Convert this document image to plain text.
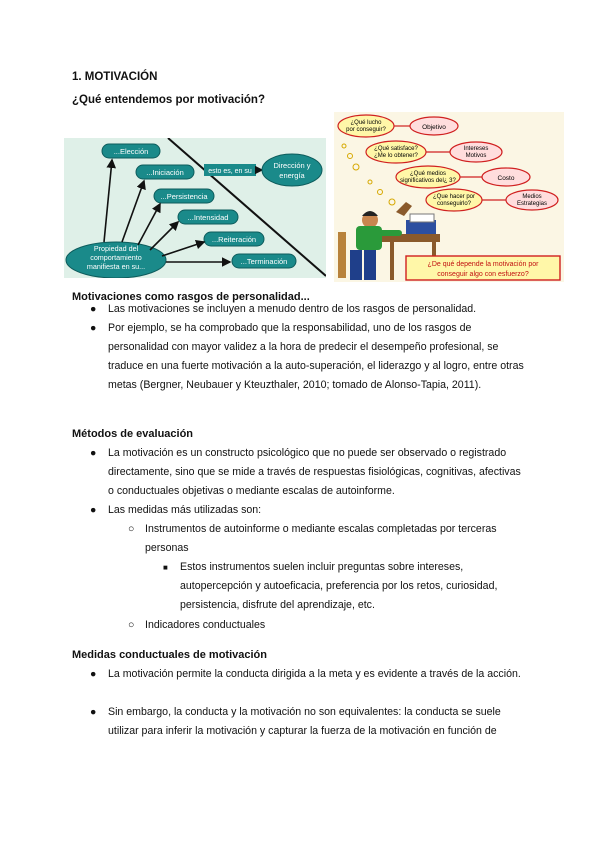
1. MOTIVACIÓN
¿Qué entendemos por motivación?
...Elección
...Iniciación
...Persistencia
...Intensidad
...Reiteración
...Terminación
Propiedad del
comportamiento
manifiesta en su...
esto es, en su
Dirección y
energía
¿Qué lucho
por conseguir?	Objetivo
¿Qué satisface?
¿Me lo obtener?
Intereses
Motivos
¿Qué medios
significativos del¿ 3?	Costo
¿Que hacer por
conseguirlo?
Medios
Estrategias
¿De qué depende la motivación por
conseguir algo con esfuerzo?
Motivaciones como rasgos de personalidad...
● Las motivaciones se incluyen a menudo dentro de los rasgos de personalidad.
● Por ejemplo, se ha comprobado que la responsabilidad, uno de los rasgos de personalidad con mayor validez a la hora de predecir el desempeño profesional, se traduce en una fuerte motivación a la auto-superación, el liderazgo y al logro, entre otras metas (Bergner, Neubauer y Kteuzthaler, 2010; tomado de Alonso-Tapia, 2011).
Métodos de evaluación
● La motivación es un constructo psicológico que no puede ser observado o registrado directamente, sino que se mide a través de respuestas fisiológicas, cognitivas, afectivas o conductuales objetivas o mediante escalas de autoinforme.
● Las medidas más utilizadas son:
○ Instrumentos de autoinforme o mediante escalas completadas por terceras personas
■ Estos instrumentos suelen incluir preguntas sobre intereses, autopercepción y autoeficacia, preferencia por los retos, curiosidad, persistencia, disfrute del aprendizaje, etc.
○ Indicadores conductuales
Medidas conductuales de motivación
● La motivación permite la conducta dirigida a la meta y es evidente a través de la acción.
● Sin embargo, la conducta y la motivación no son equivalentes: la conducta se suele utilizar para inferir la motivación y capturar la fuerza de la motivación en función de
